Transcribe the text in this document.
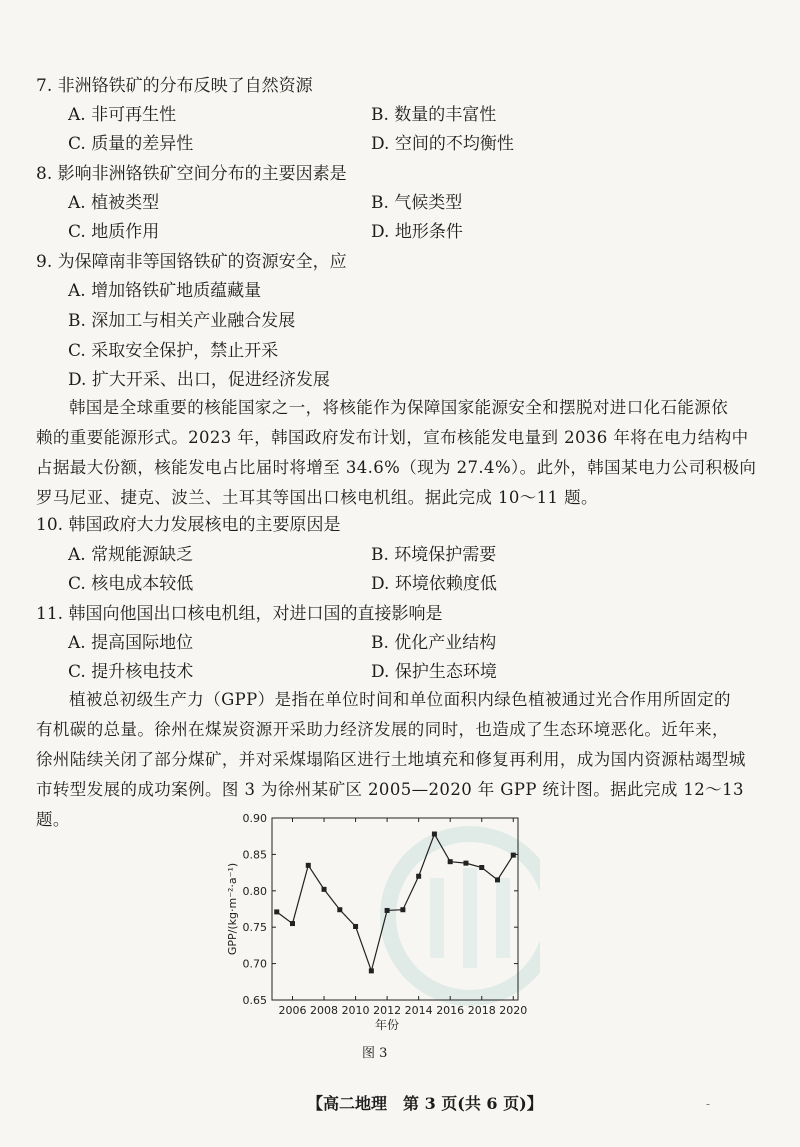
7. 非洲铬铁矿的分布反映了自然资源
A. 非可再生性	B. 数量的丰富性
C. 质量的差异性	D. 空间的不均衡性
8. 影响非洲铬铁矿空间分布的主要因素是
A. 植被类型	B. 气候类型
C. 地质作用	D. 地形条件
9. 为保障南非等国铬铁矿的资源安全，应
A. 增加铬铁矿地质蕴藏量
B. 深加工与相关产业融合发展
C. 采取安全保护，禁止开采
D. 扩大开采、出口，促进经济发展
韩国是全球重要的核能国家之一，将核能作为保障国家能源安全和摆脱对进口化石能源依
赖的重要能源形式。2023 年，韩国政府发布计划，宣布核能发电量到 2036 年将在电力结构中
占据最大份额，核能发电占比届时将增至 34.6%（现为 27.4%）。此外，韩国某电力公司积极向
罗马尼亚、捷克、波兰、土耳其等国出口核电机组。据此完成 10～11 题。
10. 韩国政府大力发展核电的主要原因是
A. 常规能源缺乏	B. 环境保护需要
C. 核电成本较低	D. 环境依赖度低
11. 韩国向他国出口核电机组，对进口国的直接影响是
A. 提高国际地位	B. 优化产业结构
C. 提升核电技术	D. 保护生态环境
植被总初级生产力（GPP）是指在单位时间和单位面积内绿色植被通过光合作用所固定的
有机碳的总量。徐州在煤炭资源开采助力经济发展的同时，也造成了生态环境恶化。近年来，
徐州陆续关闭了部分煤矿，并对采煤塌陷区进行土地填充和修复再利用，成为国内资源枯竭型城
市转型发展的成功案例。图 3 为徐州某矿区 2005—2020 年 GPP 统计图。据此完成 12～13 题。
0.65
0.70
0.75
0.80
0.85
0.90
2006 2008 2010 2012 2014 2016 2018 2020
年份
GPP/(kg·m⁻²·a⁻¹)
图 3
【高二地理　第 3 页(共 6 页)】	-
